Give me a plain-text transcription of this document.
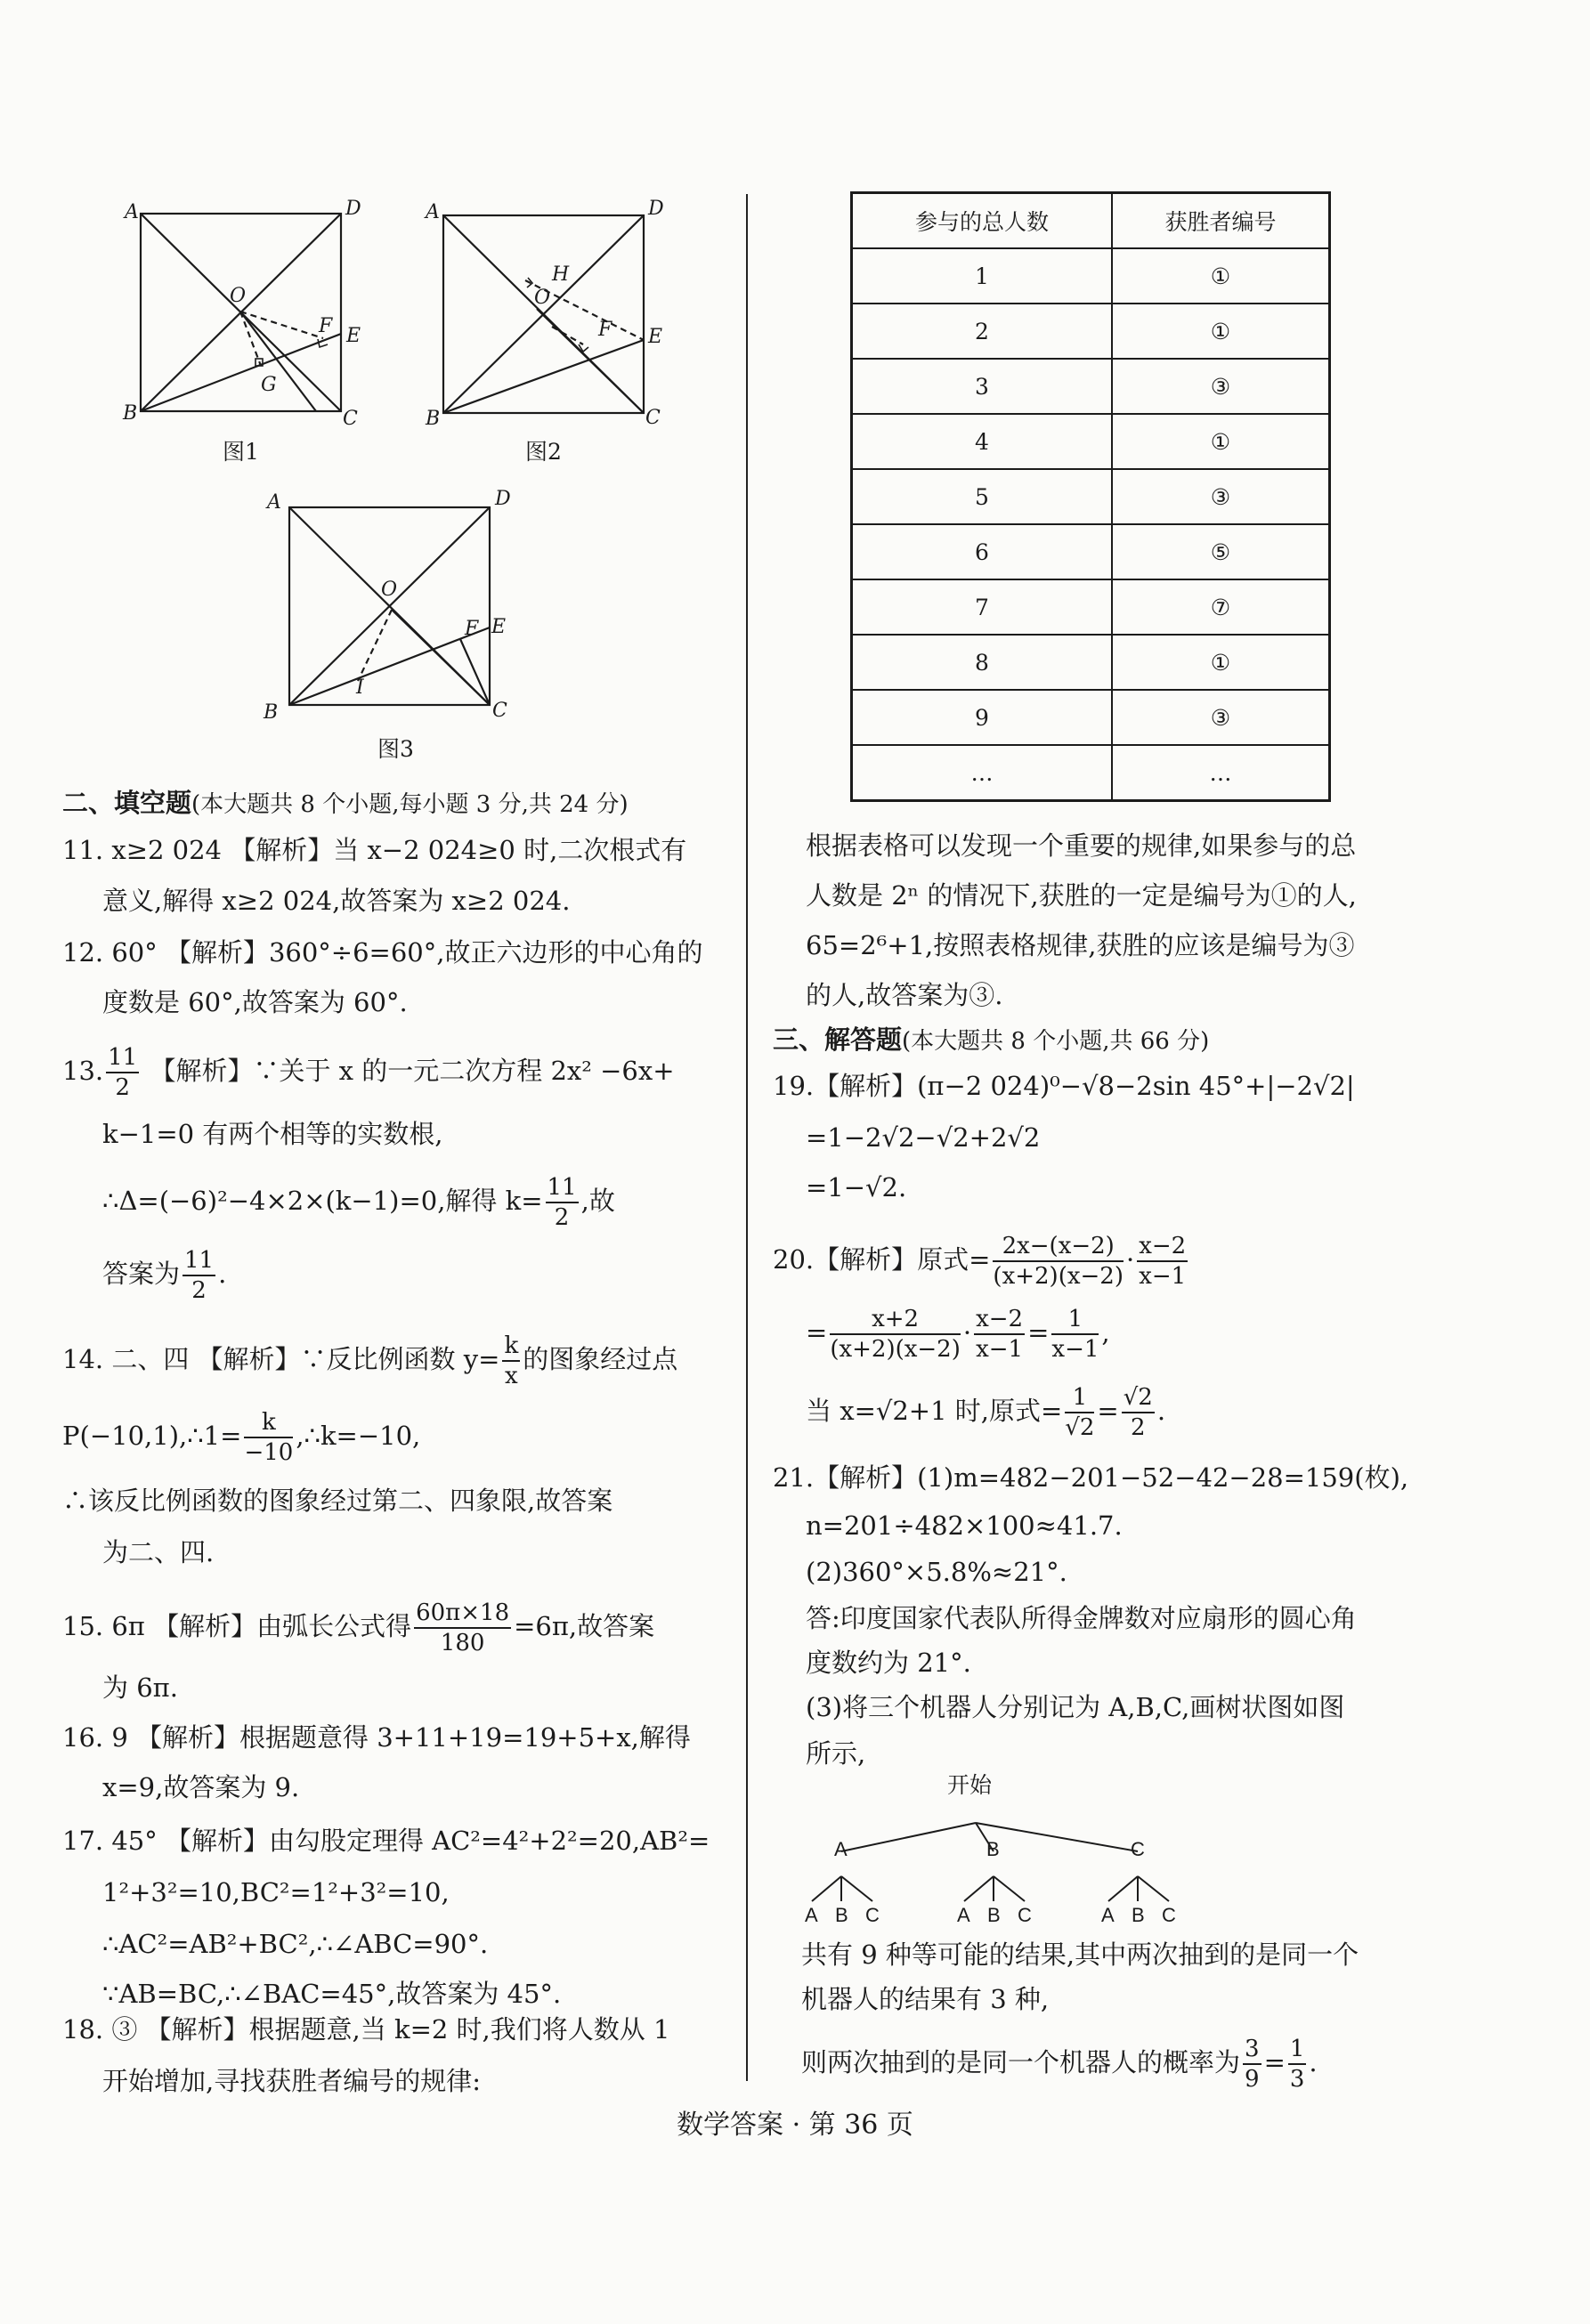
A	D
O
F E
G
B	C
图1
A	D
H
O
F E
B	C
图2
A	D
O
F E
I
B	C
图3
二、填空题(本大题共 8 个小题,每小题 3 分,共 24 分)
11. x≥2 024 【解析】当 x−2 024≥0 时,二次根式有
意义,解得 x≥2 024,故答案为 x≥2 024.
12. 60° 【解析】360°÷6=60°,故正六边形的中心角的
度数是 60°,故答案为 60°.
13. $\frac{11}{2}$ 【解析】∵关于 x 的一元二次方程 2x² −6x+
k−1=0 有两个相等的实数根,
∴Δ=(−6)²−4×2×(k−1)=0,解得 $k= \frac{11}{2}$ ,故
答案为 $\frac{11}{2}$ .
14. 二、四 【解析】∵反比例函数 $y= \frac{k}{x}$ 的图象经过点
P(−10,1),∴1= $\frac{k}{-10}$ ,∴k=−10,
∴该反比例函数的图象经过第二、四象限,故答案
为二、四.
15. 6π 【解析】由弧长公式得 $\frac{60\pi\times 18}{180} =6\pi$,故答案
为 6π.
16. 9 【解析】根据题意得 3+11+19=19+5+x,解得
x=9,故答案为 9.
17. 45° 【解析】由勾股定理得 AC²=4²+2²=20,AB²=
1²+3²=10,BC²=1²+3²=10,
∴AC²=AB²+BC²,∴∠ABC=90°.
∵AB=BC,∴∠BAC=45°,故答案为 45°.
18. ③ 【解析】根据题意,当 k=2 时,我们将人数从 1
开始增加,寻找获胜者编号的规律:
参与的总人数	获胜者编号
1	①
2	①
3	③
4	①
5	③
6	⑤
7	⑦
8	①
9	③
…	…
根据表格可以发现一个重要的规律,如果参与的总
人数是 2ⁿ 的情况下,获胜的一定是编号为①的人,
65=2⁶+1,按照表格规律,获胜的应该是编号为③
的人,故答案为③.
三、解答题(本大题共 8 个小题,共 66 分)
19.【解析】(π−2 024)⁰−√8−2sin 45°+|−2√2|
=1−2√2−√2+2√2
=1−√2.
20.【解析】原式= $\frac{2x-(x-2)}{(x+2)(x-2)} \cdot \frac{x-2}{x-1}$
= $\frac{x+2}{(x+2)(x-2)} \cdot \frac{x-2}{x-1} = \frac{1}{x-1}$ ,
当 x=√2+1 时,原式= $\frac{1}{√2} = \frac{√2}{2}$ .
21.【解析】(1)m=482−201−52−42−28=159(枚),
n=201÷482×100≈41.7.
(2)360°×5.8%≈21°.
答:印度国家代表队所得金牌数对应扇形的圆心角
度数约为 21°.
(3)将三个机器人分别记为 A,B,C,画树状图如图
所示,
开始
A	B	C
A B C	A B C	A B C
共有 9 种等可能的结果,其中两次抽到的是同一个
机器人的结果有 3 种,
则两次抽到的是同一个机器人的概率为 $\frac{3}{9} = \frac{1}{3}$ .
数学答案 · 第 36 页
